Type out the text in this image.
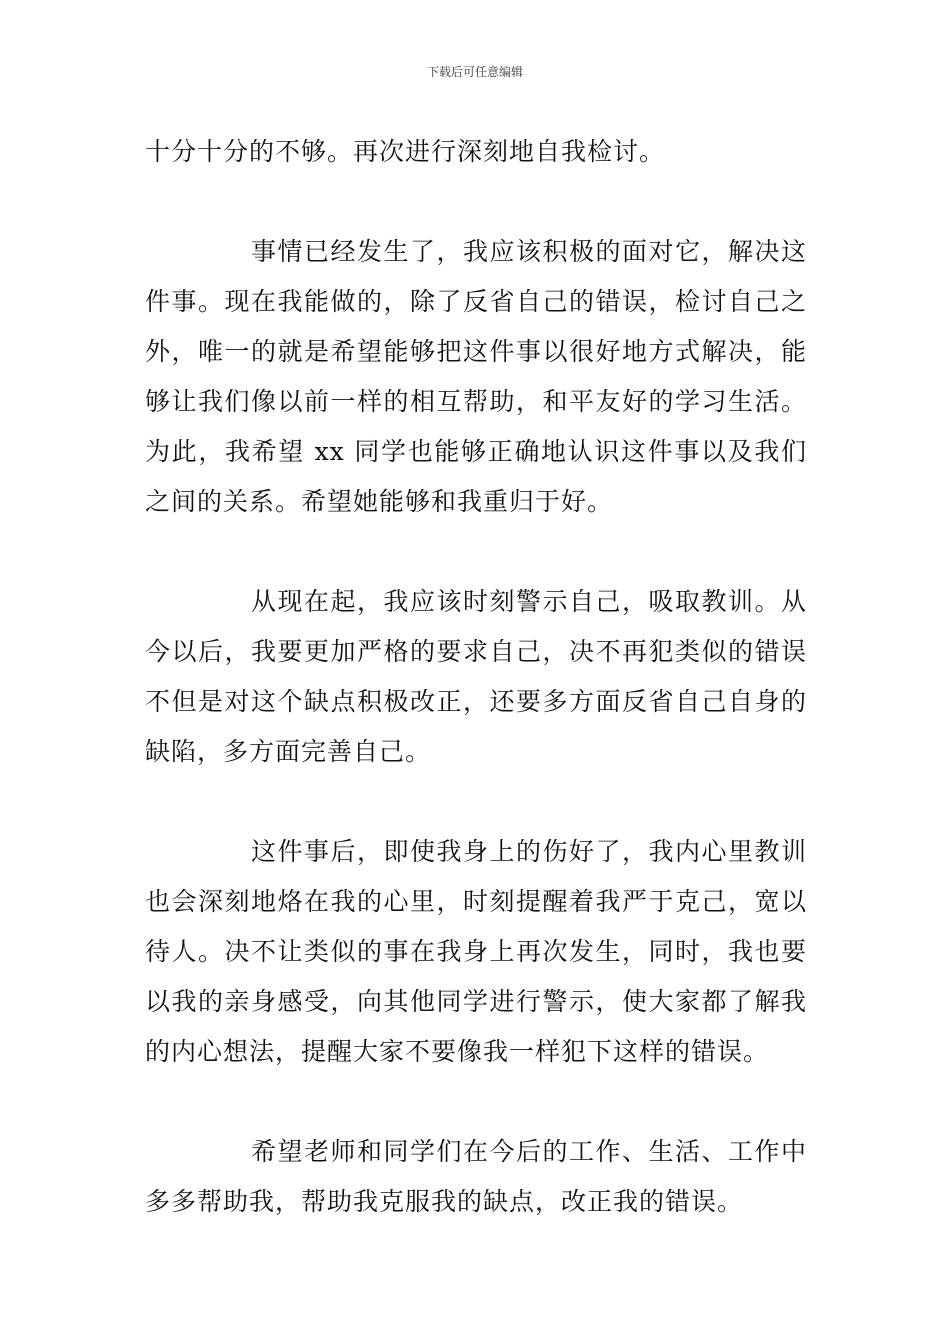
下载后可任意编辑

十分十分的不够。再次进行深刻地自我检讨。

事情已经发生了，我应该积极的面对它，解决这件事。现在我能做的，除了反省自己的错误，检讨自己之外，唯一的就是希望能够把这件事以很好地方式解决，能够让我们像以前一样的相互帮助，和平友好的学习生活。为此，我希望 xx 同学也能够正确地认识这件事以及我们之间的关系。希望她能够和我重归于好。

从现在起，我应该时刻警示自己，吸取教训。从今以后，我要更加严格的要求自己，决不再犯类似的错误不但是对这个缺点积极改正，还要多方面反省自己自身的缺陷，多方面完善自己。

这件事后，即使我身上的伤好了，我内心里教训也会深刻地烙在我的心里，时刻提醒着我严于克己，宽以待人。决不让类似的事在我身上再次发生，同时，我也要以我的亲身感受，向其他同学进行警示，使大家都了解我的内心想法，提醒大家不要像我一样犯下这样的错误。

希望老师和同学们在今后的工作、生活、工作中多多帮助我，帮助我克服我的缺点，改正我的错误。
